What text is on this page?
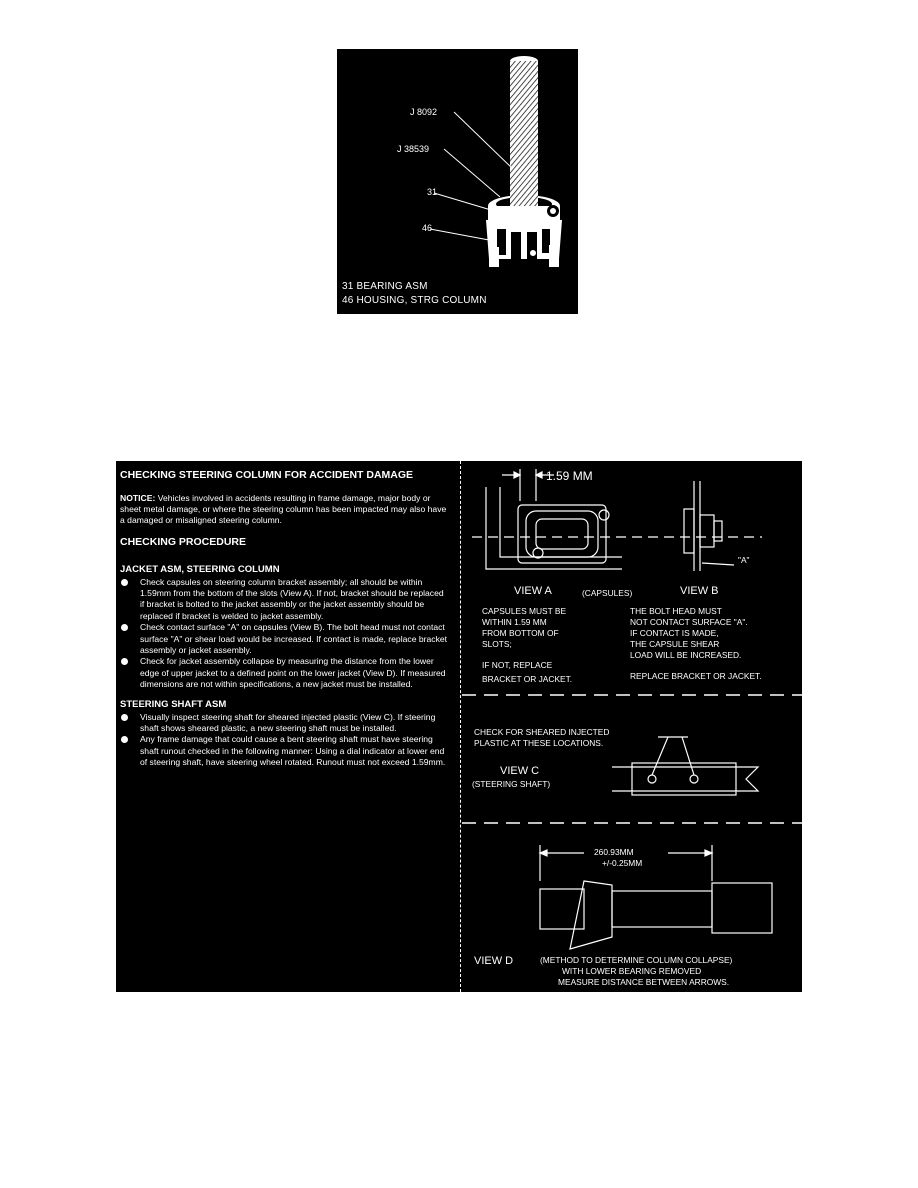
J 8092
J 38539
31
46
31 BEARING ASM
46 HOUSING, STRG COLUMN
CHECKING STEERING COLUMN FOR ACCIDENT DAMAGE
NOTICE: Vehicles involved in accidents resulting in frame damage, major body or sheet metal damage, or where the steering column has been impacted may also have a damaged or misaligned steering column.
CHECKING PROCEDURE
JACKET ASM, STEERING COLUMN
Check capsules on steering column bracket assembly; all should be within 1.59mm from the bottom of the slots (View A). If not, bracket should be replaced if bracket is bolted to the jacket assembly or the jacket assembly should be replaced if bracket is welded to jacket assembly.
Check contact surface "A" on capsules (View B). The bolt head must not contact surface "A" or shear load would be increased. If contact is made, replace bracket assembly or jacket assembly.
Check for jacket assembly collapse by measuring the distance from the lower edge of upper jacket to a defined point on the lower jacket (View D). If measured dimensions are not within specifications, a new jacket must be installed.
STEERING SHAFT ASM
Visually inspect steering shaft for sheared injected plastic (View C). If steering shaft shows sheared plastic, a new steering shaft must be installed.
Any frame damage that could cause a bent steering shaft must have steering shaft runout checked in the following manner: Using a dial indicator at lower end of steering shaft, have steering wheel rotated. Runout must not exceed 1.59mm.
1.59 MM
VIEW A	(CAPSULES)	VIEW B
"A"
CAPSULES MUST BE
WITHIN 1.59 MM
FROM BOTTOM OF
SLOTS;
IF NOT, REPLACE
BRACKET OR JACKET.
THE BOLT HEAD MUST
NOT CONTACT SURFACE "A".
IF CONTACT IS MADE,
THE CAPSULE SHEAR
LOAD WILL BE INCREASED.
REPLACE BRACKET OR JACKET.
CHECK FOR SHEARED INJECTED
PLASTIC AT THESE LOCATIONS.
VIEW C
(STEERING SHAFT)
260.93MM
+/-0.25MM
VIEW D	(METHOD TO DETERMINE COLUMN COLLAPSE)
WITH LOWER BEARING REMOVED
MEASURE DISTANCE BETWEEN ARROWS.
